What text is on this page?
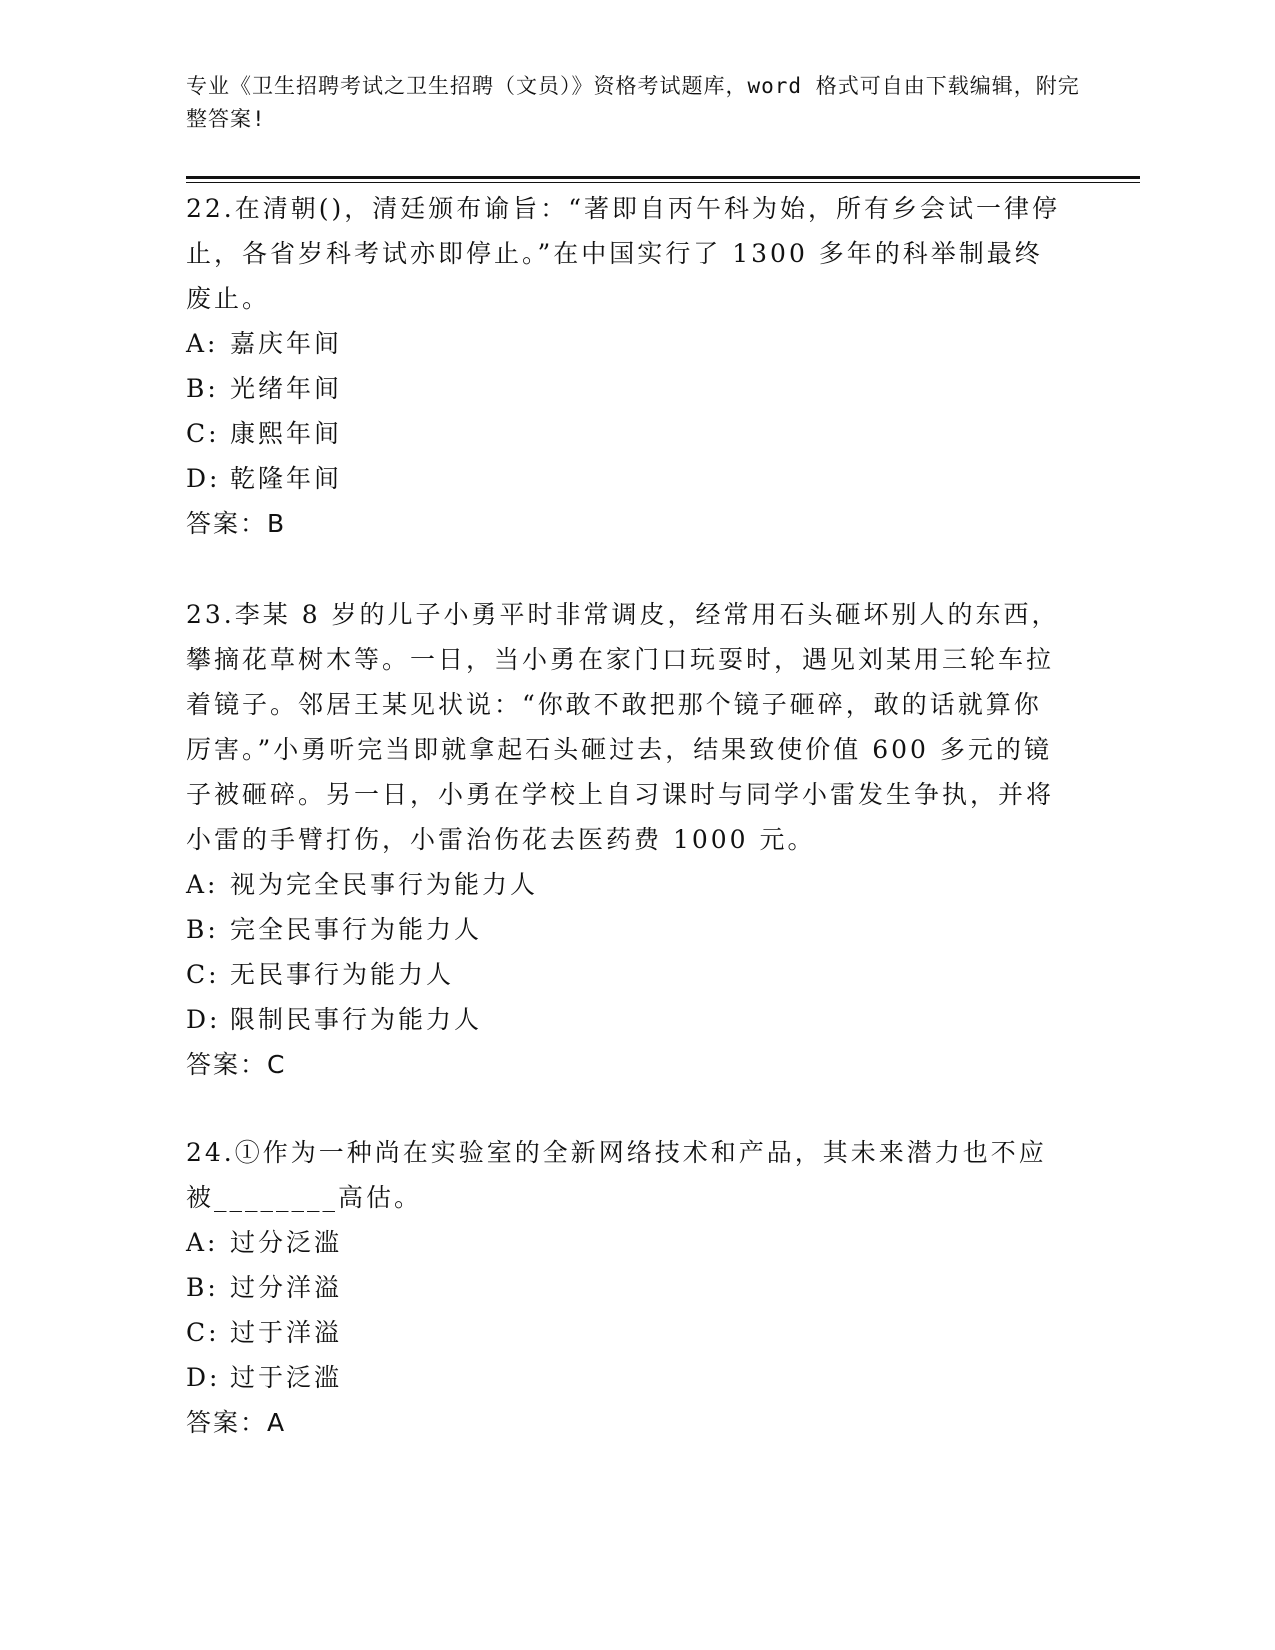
专业《卫生招聘考试之卫生招聘（文员）》资格考试题库，word 格式可自由下载编辑，附完整答案!

22.在清朝()，清廷颁布谕旨：“著即自丙午科为始，所有乡会试一律停止，各省岁科考试亦即停止。”在中国实行了 1300 多年的科举制最终废止。

A: 嘉庆年间

B: 光绪年间

C: 康熙年间

D: 乾隆年间

答案：B

23.李某 8 岁的儿子小勇平时非常调皮，经常用石头砸坏别人的东西，攀摘花草树木等。一日，当小勇在家门口玩耍时，遇见刘某用三轮车拉着镜子。邻居王某见状说：“你敢不敢把那个镜子砸碎，敢的话就算你厉害。”小勇听完当即就拿起石头砸过去，结果致使价值 600 多元的镜子被砸碎。另一日，小勇在学校上自习课时与同学小雷发生争执，并将小雷的手臂打伤，小雷治伤花去医药费 1000 元。

A: 视为完全民事行为能力人

B: 完全民事行为能力人

C: 无民事行为能力人

D: 限制民事行为能力人

答案：C

24.①作为一种尚在实验室的全新网络技术和产品，其未来潜力也不应被________高估。

A: 过分泛滥

B: 过分洋溢

C: 过于洋溢

D: 过于泛滥

答案：A
